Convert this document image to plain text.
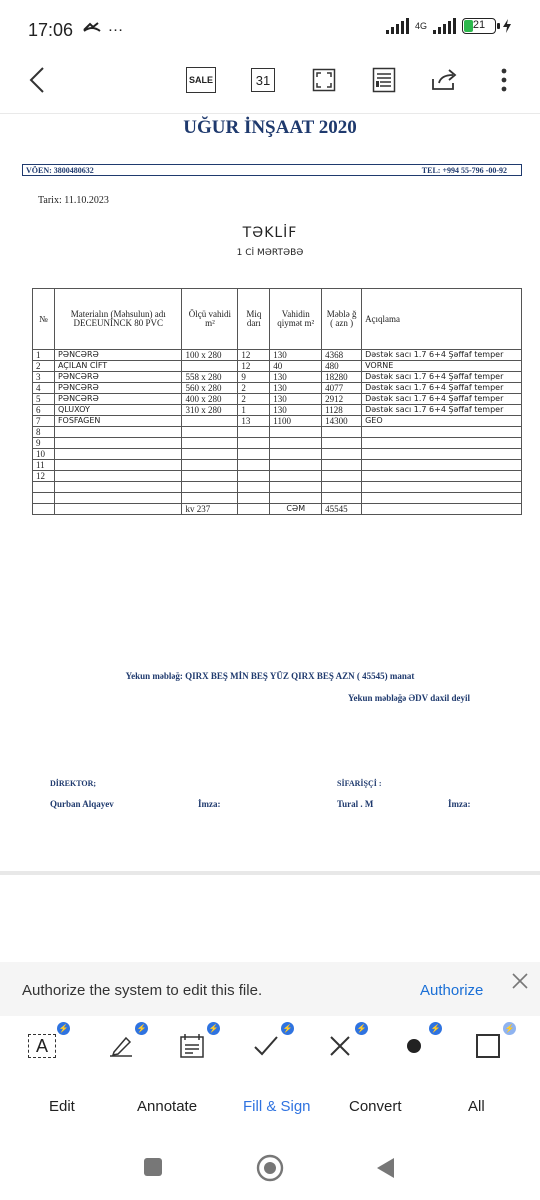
17:06	…	4G	21
SALE	31
UĞUR İNŞAAT 2020
VÖEN: 3800480632	TEL: +994 55-796 -00-92
Tarix: 11.10.2023
TƏKLİF
1 Cİ MƏRTƏBƏ
№	Materialın (Məhsulun) adı DECEUNİNCK 80 PVC	Ölçü vahidi m²	Miq darı	Vahidin qiymət m²	Məblə ğ ( azn )	Açıqlama
1	PƏNCƏRƏ	100 x 280	12	130	4368	Dəstək sacı 1.7 6+4 Şəffaf temper
2	AÇILAN CİFT		12	40	480	VORNE
3	PƏNCƏRƏ	558 x 280	9	130	18280	Dəstək sacı 1.7 6+4 Şəffaf temper
4	PƏNCƏRƏ	560 x 280	2	130	4077	Dəstək sacı 1.7 6+4 Şəffaf temper
5	PƏNCƏRƏ	400 x 280	2	130	2912	Dəstək sacı 1.7 6+4 Şəffaf temper
6	QLUXOY	310 x 280	1	130	1128	Dəstək sacı 1.7 6+4 Şəffaf temper
7	FOSFAGEN		13	1100	14300	GEO
8						
9						
10						
11						
12						

		kv 237		CƏM	45545	
Yekun məbləğ: QIRX BEŞ MİN BEŞ YÜZ QIRX BEŞ AZN ( 45545) manat
Yekun məbləğə ƏDV daxil deyil
DİREKTOR;
Qurban Alqayev	İmza:
SİFARİŞÇİ :
Tural . M	İmza:
Authorize the system to edit this file.	Authorize
A
⚡	⚡	⚡	⚡	⚡	⚡	⚡
Edit	Annotate	Fill & Sign	Convert	All
